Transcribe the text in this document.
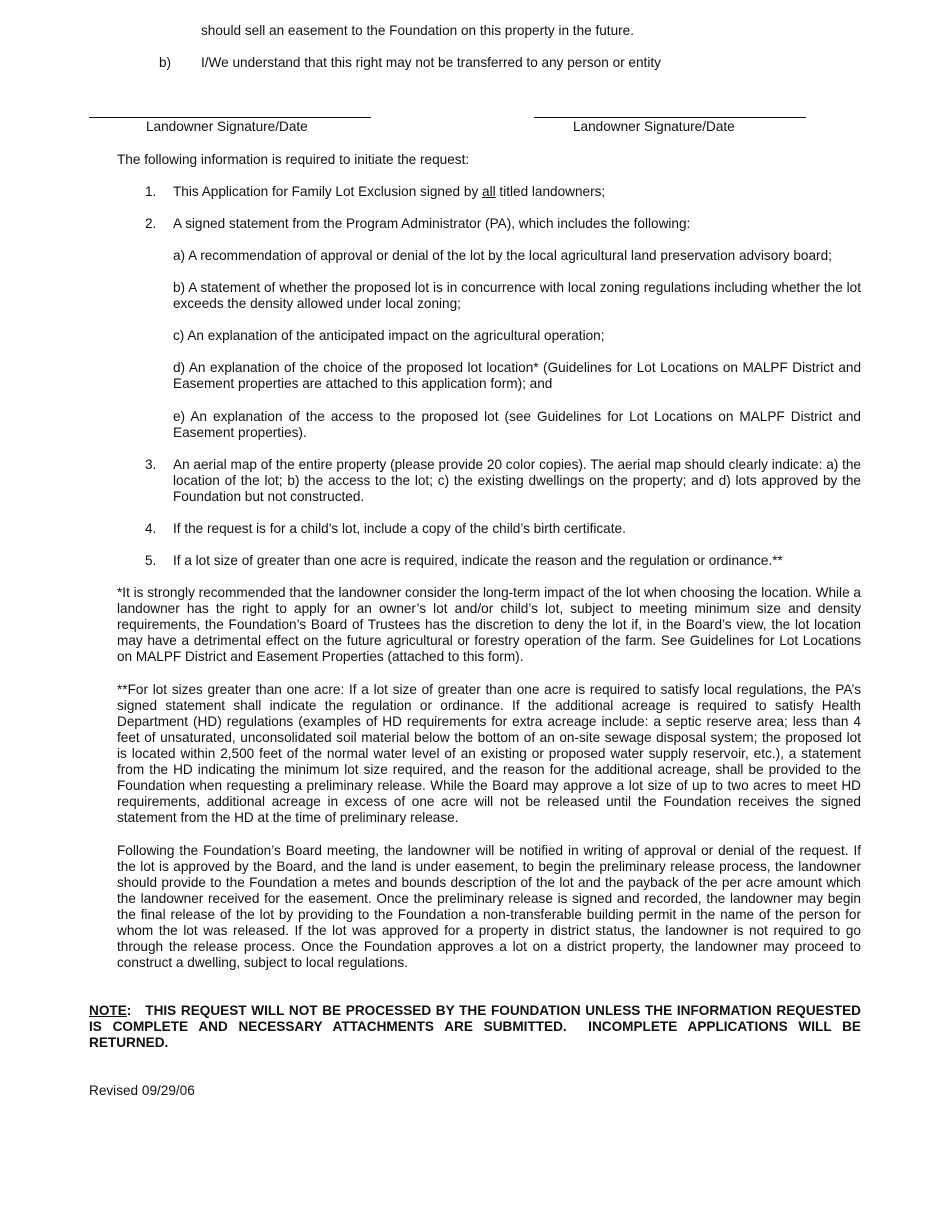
should sell an easement to the Foundation on this property in the future.
b) I/We understand that this right may not be transferred to any person or entity
Landowner Signature/Date	Landowner Signature/Date
The following information is required to initiate the request:
1. This Application for Family Lot Exclusion signed by all titled landowners;
2. A signed statement from the Program Administrator (PA), which includes the following:
a) A recommendation of approval or denial of the lot by the local agricultural land preservation advisory board;
b) A statement of whether the proposed lot is in concurrence with local zoning regulations including whether the lot exceeds the density allowed under local zoning;
c) An explanation of the anticipated impact on the agricultural operation;
d) An explanation of the choice of the proposed lot location* (Guidelines for Lot Locations on MALPF District and Easement properties are attached to this application form); and
e) An explanation of the access to the proposed lot (see Guidelines for Lot Locations on MALPF District and Easement properties).
3. An aerial map of the entire property (please provide 20 color copies). The aerial map should clearly indicate: a) the location of the lot; b) the access to the lot; c) the existing dwellings on the property; and d) lots approved by the Foundation but not constructed.
4. If the request is for a child’s lot, include a copy of the child’s birth certificate.
5. If a lot size of greater than one acre is required, indicate the reason and the regulation or ordinance.**
*It is strongly recommended that the landowner consider the long-term impact of the lot when choosing the location. While a landowner has the right to apply for an owner’s lot and/or child’s lot, subject to meeting minimum size and density requirements, the Foundation’s Board of Trustees has the discretion to deny the lot if, in the Board’s view, the lot location may have a detrimental effect on the future agricultural or forestry operation of the farm. See Guidelines for Lot Locations on MALPF District and Easement Properties (attached to this form).
**For lot sizes greater than one acre: If a lot size of greater than one acre is required to satisfy local regulations, the PA’s signed statement shall indicate the regulation or ordinance. If the additional acreage is required to satisfy Health Department (HD) regulations (examples of HD requirements for extra acreage include: a septic reserve area; less than 4 feet of unsaturated, unconsolidated soil material below the bottom of an on-site sewage disposal system; the proposed lot is located within 2,500 feet of the normal water level of an existing or proposed water supply reservoir, etc.), a statement from the HD indicating the minimum lot size required, and the reason for the additional acreage, shall be provided to the Foundation when requesting a preliminary release. While the Board may approve a lot size of up to two acres to meet HD requirements, additional acreage in excess of one acre will not be released until the Foundation receives the signed statement from the HD at the time of preliminary release.
Following the Foundation’s Board meeting, the landowner will be notified in writing of approval or denial of the request. If the lot is approved by the Board, and the land is under easement, to begin the preliminary release process, the landowner should provide to the Foundation a metes and bounds description of the lot and the payback of the per acre amount which the landowner received for the easement. Once the preliminary release is signed and recorded, the landowner may begin the final release of the lot by providing to the Foundation a non-transferable building permit in the name of the person for whom the lot was released. If the lot was approved for a property in district status, the landowner is not required to go through the release process. Once the Foundation approves a lot on a district property, the landowner may proceed to construct a dwelling, subject to local regulations.
NOTE:   THIS REQUEST WILL NOT BE PROCESSED BY THE FOUNDATION UNLESS THE INFORMATION REQUESTED IS COMPLETE AND NECESSARY ATTACHMENTS ARE SUBMITTED.  INCOMPLETE APPLICATIONS WILL BE RETURNED.
Revised 09/29/06
